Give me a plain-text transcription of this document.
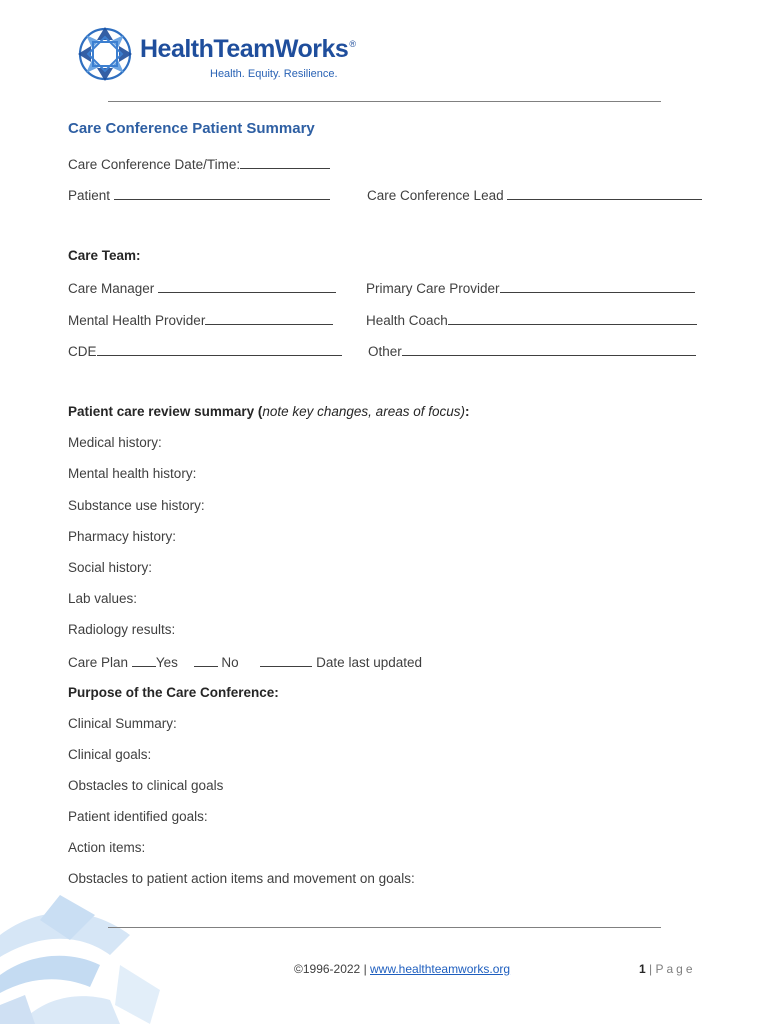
HealthTeamWorks®
Health. Equity. Resilience.
Care Conference Patient Summary
Care Conference Date/Time:
Patient	Care Conference Lead
Care Team:
Care Manager	Primary Care Provider
Mental Health Provider	Health Coach
CDE	Other
Patient care review summary (note key changes, areas of focus):
Medical history:
Mental health history:
Substance use history:
Pharmacy history:
Social history:
Lab values:
Radiology results:
Care Plan Yes	No	Date last updated
Purpose of the Care Conference:
Clinical Summary:
Clinical goals:
Obstacles to clinical goals
Patient identified goals:
Action items:
Obstacles to patient action items and movement on goals:
©1996-2022 | www.healthteamworks.org	1 | Page
